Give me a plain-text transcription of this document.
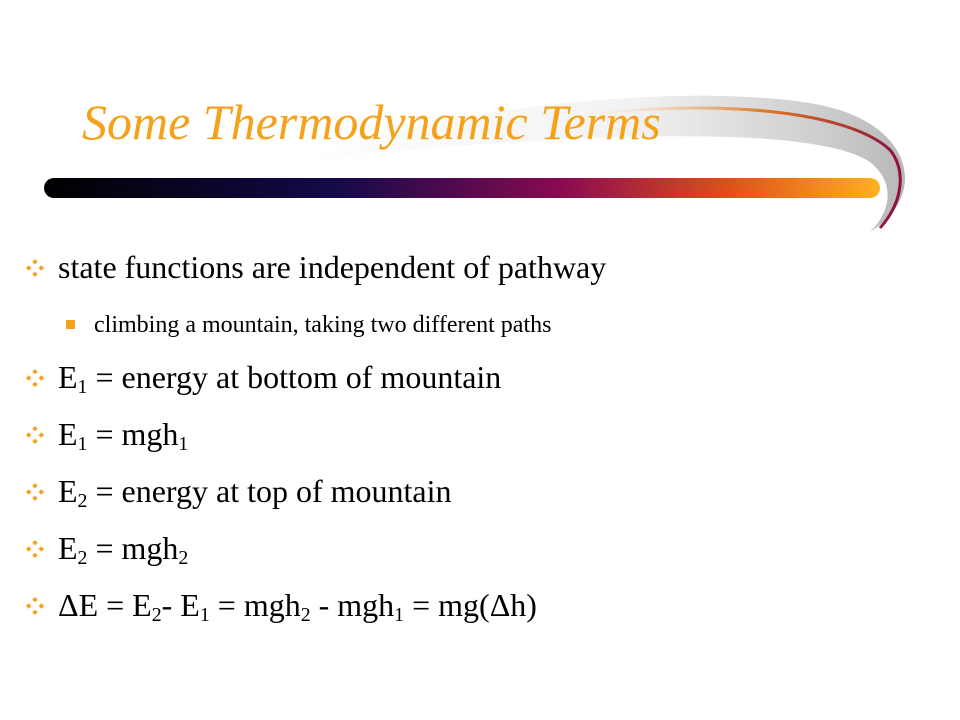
Some Thermodynamic Terms
state functions are independent of pathway
climbing a mountain, taking two different paths
$E_1$ = energy at bottom of mountain
$E_1 = mgh_1$
$E_2$ = energy at top of mountain
$E_2 = mgh_2$
$\Delta E = E_2-$ $E_1 = mgh_2 - mgh_1 = mg(\Delta h)$
